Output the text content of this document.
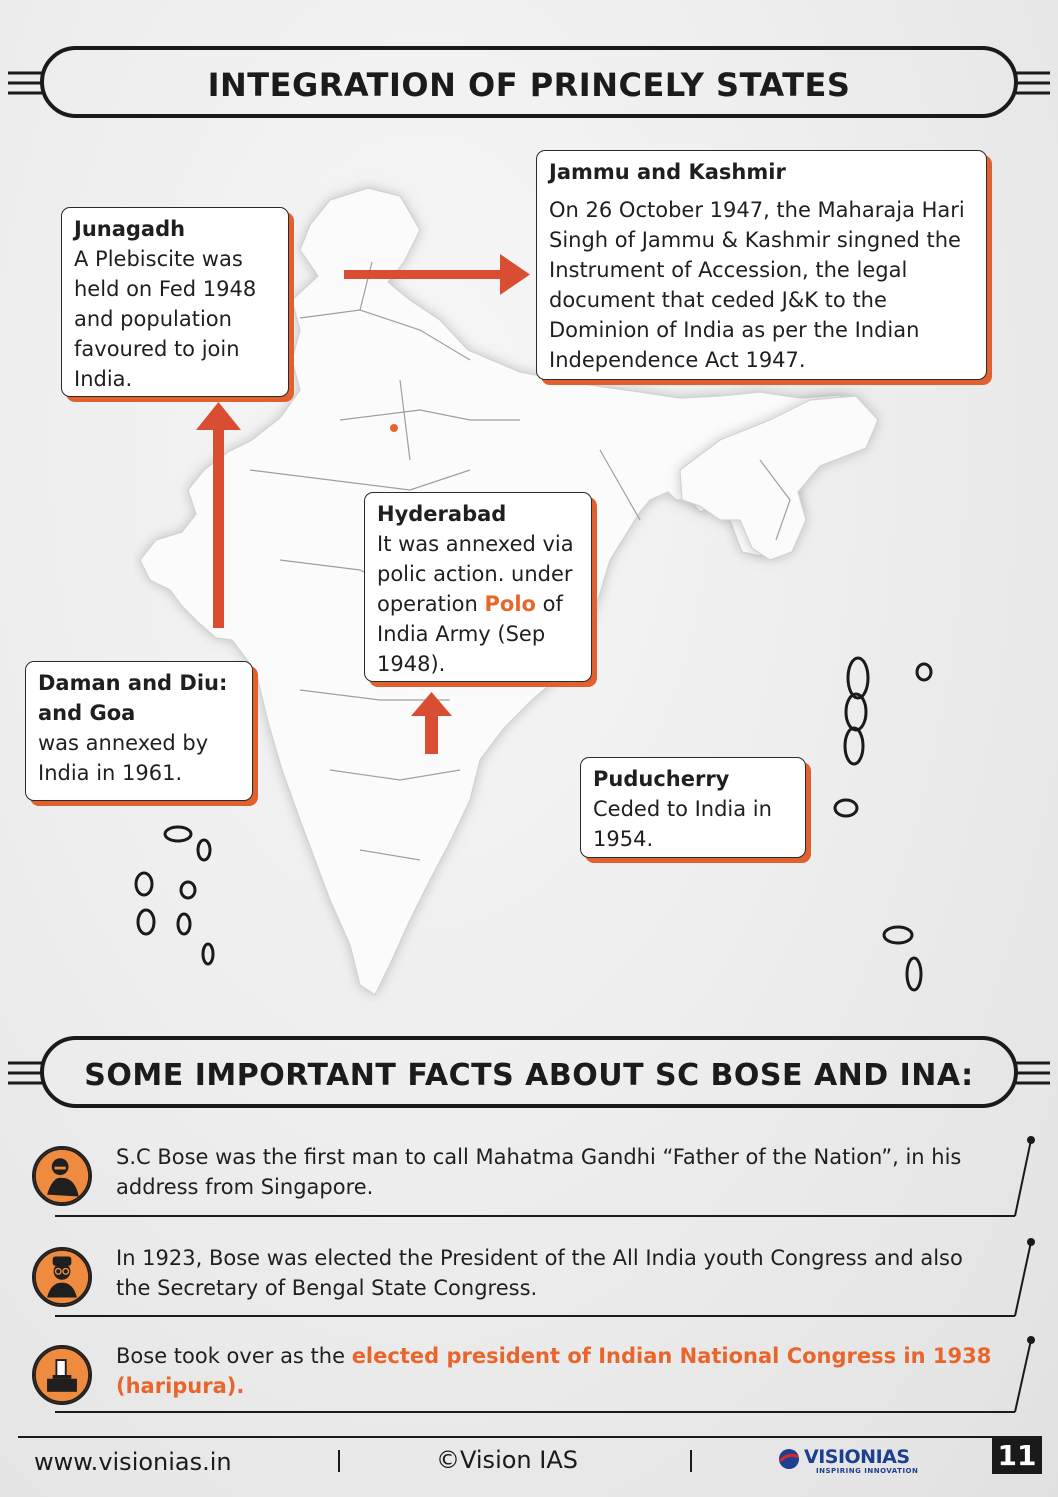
INTEGRATION OF PRINCELY STATES
Jammu and Kashmir
On 26 October 1947, the Maharaja Hari Singh of Jammu & Kashmir singned the Instrument of Accession, the legal document that ceded J&K to the Dominion of India as per the Indian Independence Act 1947.
Junagadh
A Plebiscite was held on Fed 1948 and population favoured to join India.
Hyderabad
It was annexed via polic action. under operation Polo of India Army (Sep 1948).
Daman and Diu:
and Goa
was annexed by India in 1961.	Puducherry
Ceded to India in 1954.
SOME IMPORTANT FACTS ABOUT SC BOSE AND INA:
S.C Bose was the first man to call Mahatma Gandhi “Father of the Nation”, in his address from Singapore.
In 1923, Bose was elected the President of the All India youth Congress and also the Secretary of Bengal State Congress.
Bose took over as the elected president of Indian National Congress in 1938 (haripura).
www.visionias.in	©Vision IAS	VISIONIAS
INSPIRING INNOVATION	11
